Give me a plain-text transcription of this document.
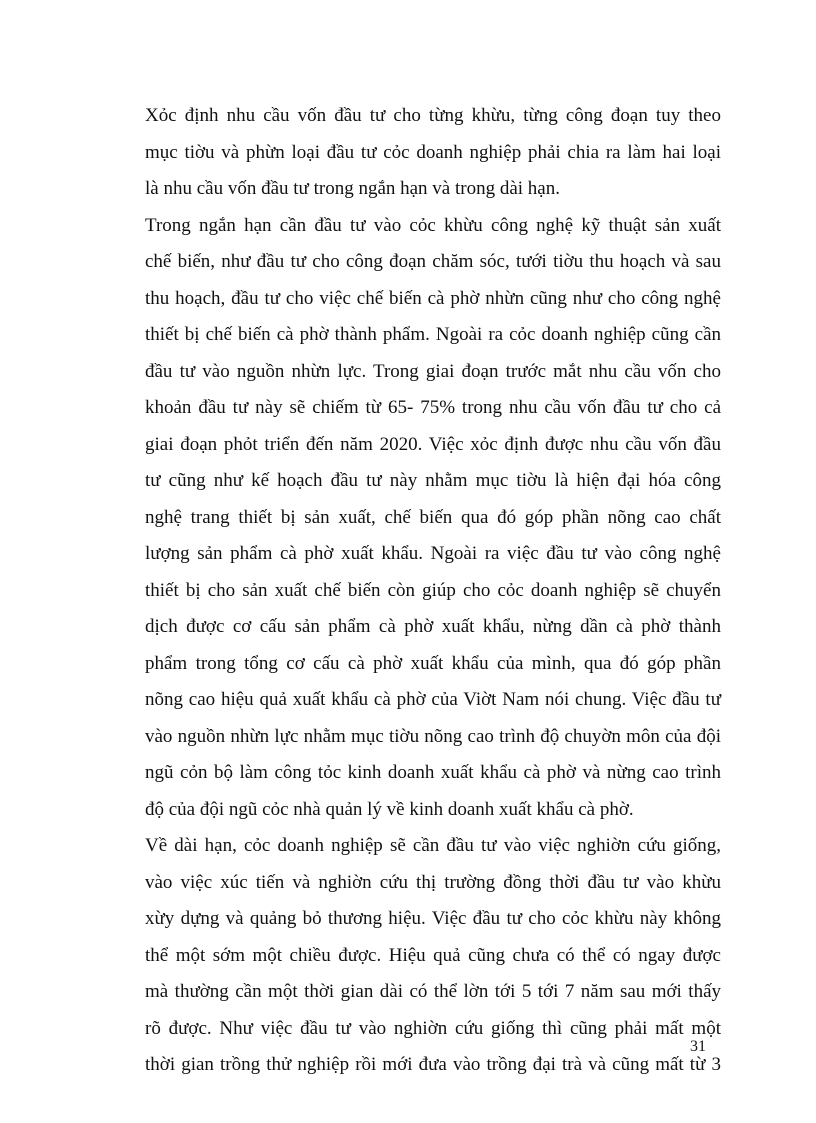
Xỏc định nhu cầu vốn đầu tư cho từng khừu, từng công đoạn tuy theo
mục tiờu và phừn loại đầu tư cỏc doanh nghiệp phải chia ra làm hai loại
là nhu cầu vốn đầu tư trong ngắn hạn và trong dài hạn.
Trong ngắn hạn cần đầu tư vào cỏc khừu công nghệ kỹ thuật sản xuất
chế biến, như đầu tư cho công đoạn chăm sóc, tưới tiờu thu hoạch và sau
thu hoạch, đầu tư cho việc chế biến cà phờ nhừn cũng như cho công nghệ
thiết bị chế biến cà phờ thành phẩm. Ngoài ra cỏc doanh nghiệp cũng cần
đầu tư vào nguồn nhừn lực. Trong giai đoạn trước mắt nhu cầu vốn cho
khoản đầu tư này sẽ chiếm từ 65- 75% trong nhu cầu vốn đầu tư cho cả
giai đoạn phỏt triển đến năm 2020. Việc xỏc định được nhu cầu vốn đầu
tư cũng như kế hoạch đầu tư này nhằm mục tiờu là hiện đại hóa công
nghệ trang thiết bị sản xuất, chế biến qua đó góp phần nõng cao chất
lượng sản phẩm cà phờ xuất khẩu. Ngoài ra việc đầu tư vào công nghệ
thiết bị cho sản xuất chế biến còn giúp cho cỏc doanh nghiệp sẽ chuyển
dịch được cơ cấu sản phẩm cà phờ xuất khẩu, nừng dần cà phờ thành
phẩm trong tổng cơ cấu cà phờ xuất khẩu của mình, qua đó góp phần
nõng cao hiệu quả xuất khẩu cà phờ của Viờt Nam nói chung. Việc đầu tư
vào nguồn nhừn lực nhằm mục tiờu nõng cao trình độ chuyờn môn của đội
ngũ cỏn bộ làm công tỏc kinh doanh xuất khẩu cà phờ và nừng cao trình
độ của đội ngũ cỏc nhà quản lý về kinh doanh xuất khẩu cà phờ.
Về dài hạn, cỏc doanh nghiệp sẽ cần đầu tư vào việc nghiờn cứu giống,
vào việc xúc tiến và nghiờn cứu thị trường đồng thời đầu tư vào khừu
xừy dựng và quảng bỏ thương hiệu. Việc đầu tư cho cỏc khừu này không
thể một sớm một chiều được. Hiệu quả cũng chưa có thể có ngay được
mà thường cần một thời gian dài có thể lờn tới 5 tới 7 năm sau mới thấy
rõ được. Như việc đầu tư vào nghiờn cứu giống thì cũng phải mất một
thời gian trồng thử nghiệp rồi mới đưa vào trồng đại trà và cũng mất từ 3
31
